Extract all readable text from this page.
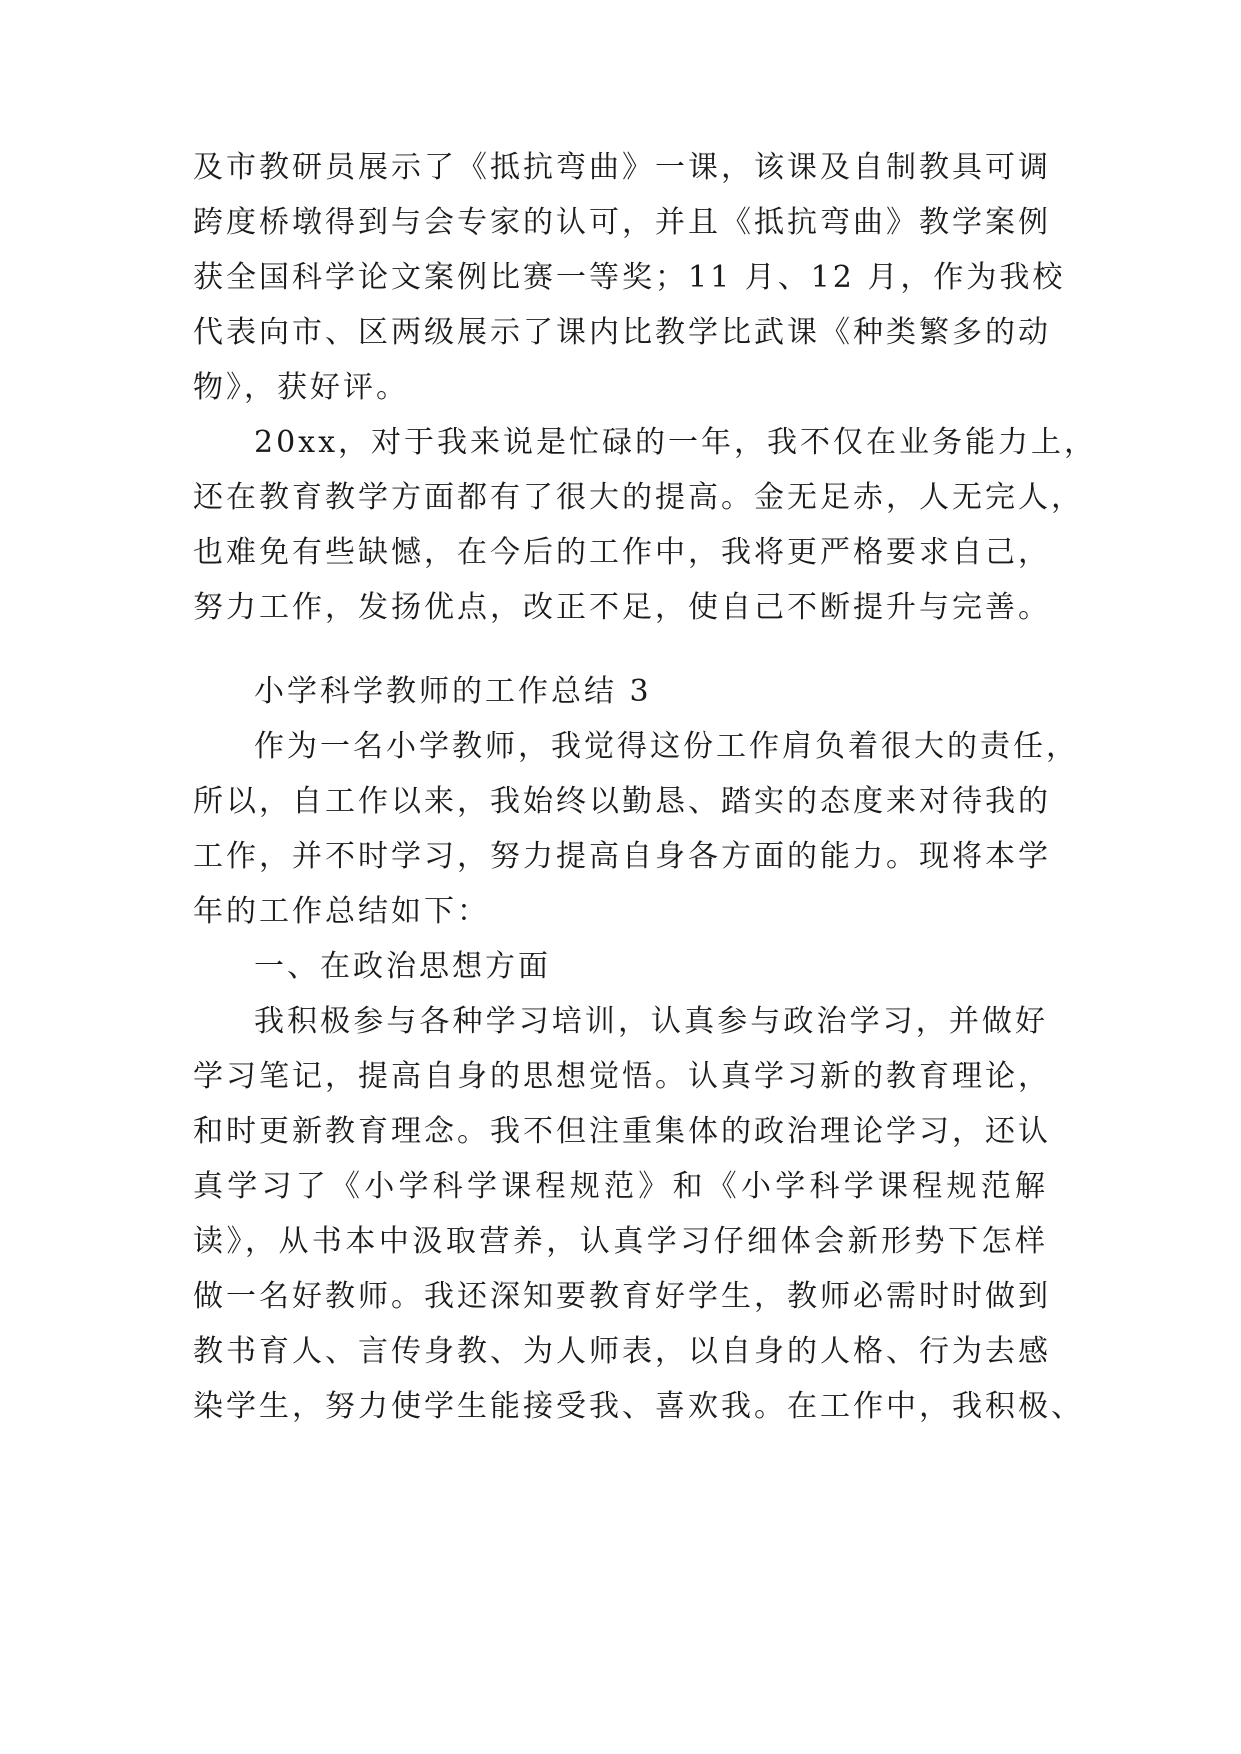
及市教研员展示了《抵抗弯曲》一课，该课及自制教具可调
跨度桥墩得到与会专家的认可，并且《抵抗弯曲》教学案例
获全国科学论文案例比赛一等奖；11 月、12 月，作为我校
代表向市、区两级展示了课内比教学比武课《种类繁多的动
物》，获好评。
20xx，对于我来说是忙碌的一年，我不仅在业务能力上，
还在教育教学方面都有了很大的提高。金无足赤，人无完人，
也难免有些缺憾，在今后的工作中，我将更严格要求自己，
努力工作，发扬优点，改正不足，使自己不断提升与完善。
小学科学教师的工作总结 3
作为一名小学教师，我觉得这份工作肩负着很大的责任，
所以，自工作以来，我始终以勤恳、踏实的态度来对待我的
工作，并不时学习，努力提高自身各方面的能力。现将本学
年的工作总结如下：
一、在政治思想方面
我积极参与各种学习培训，认真参与政治学习，并做好
学习笔记，提高自身的思想觉悟。认真学习新的教育理论，
和时更新教育理念。我不但注重集体的政治理论学习，还认
真学习了《小学科学课程规范》和《小学科学课程规范解
读》，从书本中汲取营养，认真学习仔细体会新形势下怎样
做一名好教师。我还深知要教育好学生，教师必需时时做到
教书育人、言传身教、为人师表，以自身的人格、行为去感
染学生，努力使学生能接受我、喜欢我。在工作中，我积极、
